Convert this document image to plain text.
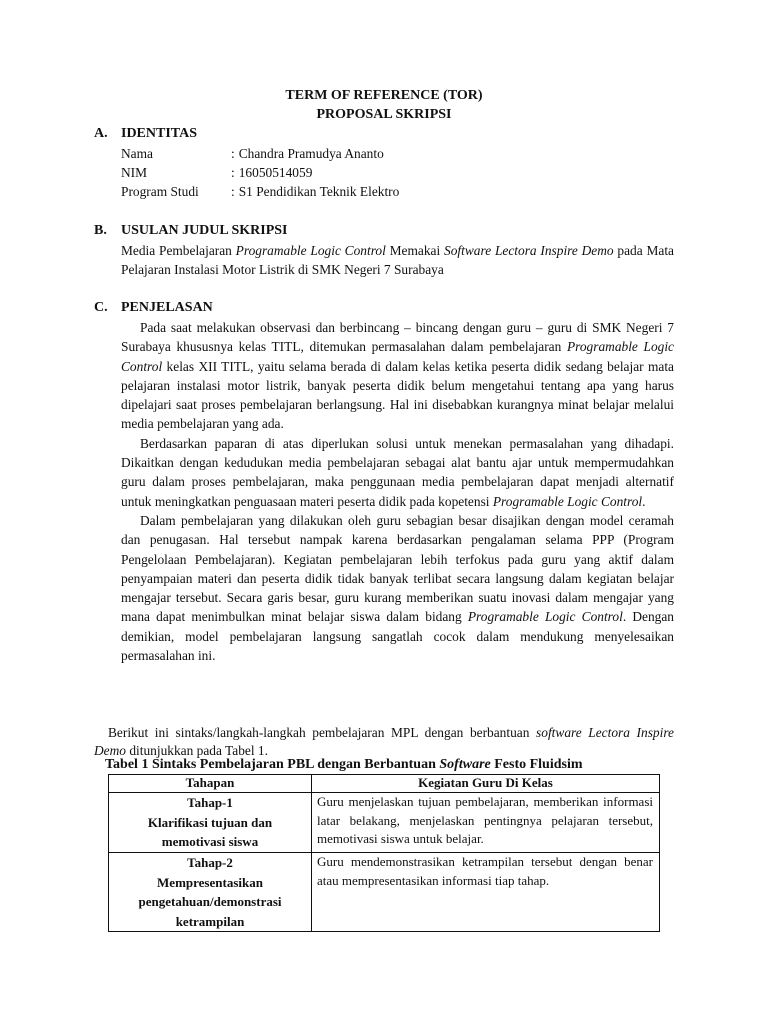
TERM OF REFERENCE (TOR)
PROPOSAL SKRIPSI
A. IDENTITAS
Nama	: Chandra Pramudya Ananto
NIM	: 16050514059
Program Studi : S1 Pendidikan Teknik Elektro
B. USULAN JUDUL SKRIPSI

Media Pembelajaran Programable Logic Control Memakai Software Lectora Inspire Demo pada Mata Pelajaran Instalasi Motor Listrik di SMK Negeri 7 Surabaya

C. PENJELASAN

Pada saat melakukan observasi dan berbincang – bincang dengan guru – guru di SMK Negeri 7 Surabaya khususnya kelas TITL, ditemukan permasalahan dalam pembelajaran Programable Logic Control kelas XII TITL, yaitu selama berada di dalam kelas ketika peserta didik sedang belajar mata pelajaran instalasi motor listrik, banyak peserta didik belum mengetahui tentang apa yang harus dipelajari saat proses pembelajaran berlangsung. Hal ini disebabkan kurangnya minat belajar melalui media pembelajaran yang ada.

Berdasarkan paparan di atas diperlukan solusi untuk menekan permasalahan yang dihadapi. Dikaitkan dengan kedudukan media pembelajaran sebagai alat bantu ajar untuk mempermudahkan guru dalam proses pembelajaran, maka penggunaan media pembelajaran dapat menjadi alternatif untuk meningkatkan penguasaan materi peserta didik pada kopetensi Programable Logic Control.

Dalam pembelajaran yang dilakukan oleh guru sebagian besar disajikan dengan model ceramah dan penugasan. Hal tersebut nampak karena berdasarkan pengalaman selama PPP (Program Pengelolaan Pembelajaran). Kegiatan pembelajaran lebih terfokus pada guru yang aktif dalam penyampaian materi dan peserta didik tidak banyak terlibat secara langsung dalam kegiatan belajar mengajar tersebut. Secara garis besar, guru kurang memberikan suatu inovasi dalam mengajar yang mana dapat menimbulkan minat belajar siswa dalam bidang Programable Logic Control. Dengan demikian, model pembelajaran langsung sangatlah cocok dalam mendukung menyelesaikan permasalahan ini.

Berikut ini sintaks/langkah-langkah pembelajaran MPL dengan berbantuan software Lectora Inspire Demo ditunjukkan pada Tabel 1.
Tabel 1 Sintaks Pembelajaran PBL dengan Berbantuan Software Festo Fluidsim
Tahapan	Kegiatan Guru Di Kelas

Tahap-1
Klarifikasi tujuan dan
memotivasi siswa	Guru menjelaskan tujuan pembelajaran, memberikan informasi latar belakang, menjelaskan pentingnya pelajaran tersebut, memotivasi siswa untuk belajar.

Tahap-2
Mempresentasikan
pengetahuan/demonstrasi
ketrampilan	Guru mendemonstrasikan ketrampilan tersebut dengan benar atau mempresentasikan informasi tiap tahap.
